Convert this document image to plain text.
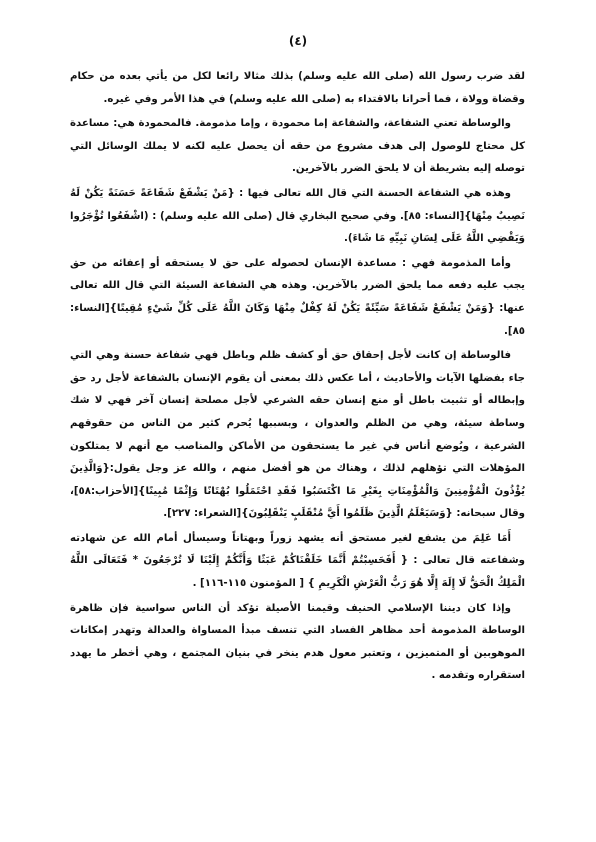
(٤)

لقد ضرب رسول الله (صلى الله عليه وسلم) بذلك مثالا رائعا لكل من يأتي بعده من حكام وقضاة وولاة ، فما أحرانا بالاقتداء به (صلى الله عليه وسلم) في هذا الأمر وفي غيره.

والوساطة تعني الشفاعة، والشفاعة إما محمودة ، وإما مذمومة. فالمحمودة هي: مساعدة كل محتاج للوصول إلى هدف مشروع من حقه أن يحصل عليه لكنه لا يملك الوسائل التي توصله إليه بشريطة أن لا يلحق الضرر بالآخرين.

وهذه هي الشفاعة الحسنة التي قال الله تعالى فيها : {مَنْ يَشْفَعْ شَفَاعَةً حَسَنَةً يَكُنْ لَهُ نَصِيبٌ مِنْهَا}[النساء: ٨٥]. وفي صحيح البخاري قال (صلى الله عليه وسلم) : (اشْفَعُوا تُؤْجَرُوا وَيَقْضِي اللَّهُ عَلَى لِسَانِ نَبِيِّهِ مَا شَاءَ).

وأما المذمومة فهي : مساعدة الإنسان لحصوله على حق لا يستحقه أو إعفائه من حق يجب عليه دفعه مما يلحق الضرر بالآخرين. وهذه هي الشفاعة السيئة التي قال الله تعالى عنها: {وَمَنْ يَشْفَعْ شَفَاعَةً سَيِّئَةً يَكُنْ لَهُ كِفْلٌ مِنْهَا وَكَانَ اللَّهُ عَلَى كُلِّ شَيْءٍ مُقِيتًا}[النساء: ٨٥].

فالوساطة إن كانت لأجل إحقاق حق أو كشف ظلم وباطل فهي شفاعة حسنة وهي التي جاء بفضلها الآيات والأحاديث ، أما عكس ذلك بمعنى أن يقوم الإنسان بالشفاعة لأجل رد حق وإبطاله أو تثبيت باطل أو منع إنسان حقه الشرعي لأجل مصلحة إنسان آخر فهي لا شك وساطة سيئة، وهي من الظلم والعدوان ، وبسببها يُحرم كثير من الناس من حقوقهم الشرعية ، ويُوضع أناس في غير ما يستحقون من الأماكن والمناصب مع أنهم لا يمتلكون المؤهلات التي تؤهلهم لذلك ، وهناك من هو أفضل منهم ، والله عز وجل يقول:{وَالَّذِينَ يُؤْذُونَ الْمُؤْمِنِينَ وَالْمُؤْمِنَاتِ بِغَيْرِ مَا اكْتَسَبُوا فَقَدِ احْتَمَلُوا بُهْتَانًا وَإِثْمًا مُبِينًا}[الأحزاب:٥٨]، وقال سبحانه: {وَسَيَعْلَمُ الَّذِينَ ظَلَمُوا أَيَّ مُنْقَلَبٍ يَنْقَلِبُونَ}[الشعراء: ٢٢٧].

أَمَا عَلِمَ من يشفع لغير مستحق أنه يشهد زوراً وبهتاناً وسيسأل أمام الله عن شهادته وشفاعته قال تعالى : { أَفَحَسِبْتُمْ أَنَّمَا خَلَقْنَاكُمْ عَبَثًا وَأَنَّكُمْ إِلَيْنَا لَا تُرْجَعُونَ * فَتَعَالَى اللَّهُ الْمَلِكُ الْحَقُّ لَا إِلَهَ إِلَّا هُوَ رَبُّ الْعَرْشِ الْكَرِيمِ } [ المؤمنون ١١٥-١١٦] .

وإذا كان ديننا الإسلامي الحنيف وقيمنا الأصيلة تؤكد أن الناس سواسية فإن ظاهرة الوساطة المذمومة أحد مظاهر الفساد التي تنسف مبدأ المساواة والعدالة وتهدر إمكانات الموهوبين أو المتميزين ، وتعتبر معول هدم ينخر في بنيان المجتمع ، وهي أخطر ما يهدد استقراره وتقدمه .
